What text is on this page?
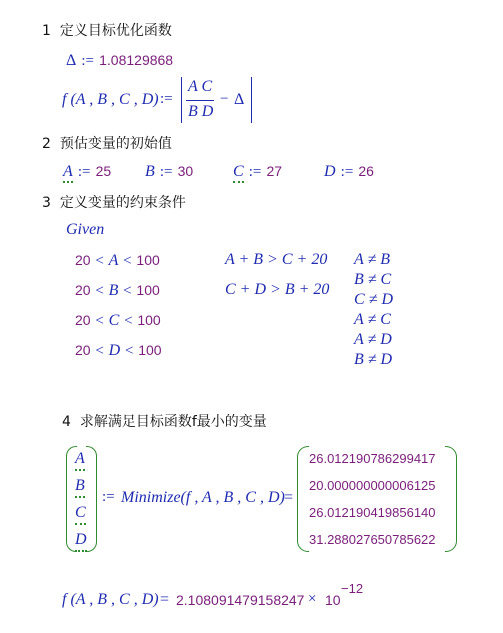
1 定义目标优化函数
Δ := 1.08129868
f (A , B , C , D) :=
A C
B D
− Δ
2 预估变量的初始值
A := 25 B := 30 C := 27	D := 26
3 定义变量的约束条件
Given
20 < A < 100
20 < B < 100
20 < C < 100
20 < D < 100
A + B > C + 20
C + D > B + 20
A ≠ B
B ≠ C
C ≠ D
A ≠ C
A ≠ D
B ≠ D
4 求解满足目标函数f最小的变量
A
B
C
D
:= Minimize(f , A , B , C , D) =
26.012190786299417
20.000000000006125
26.012190419856140
31.288027650785622
f (A , B , C , D) = 2.108091479158247 × 10
−12
